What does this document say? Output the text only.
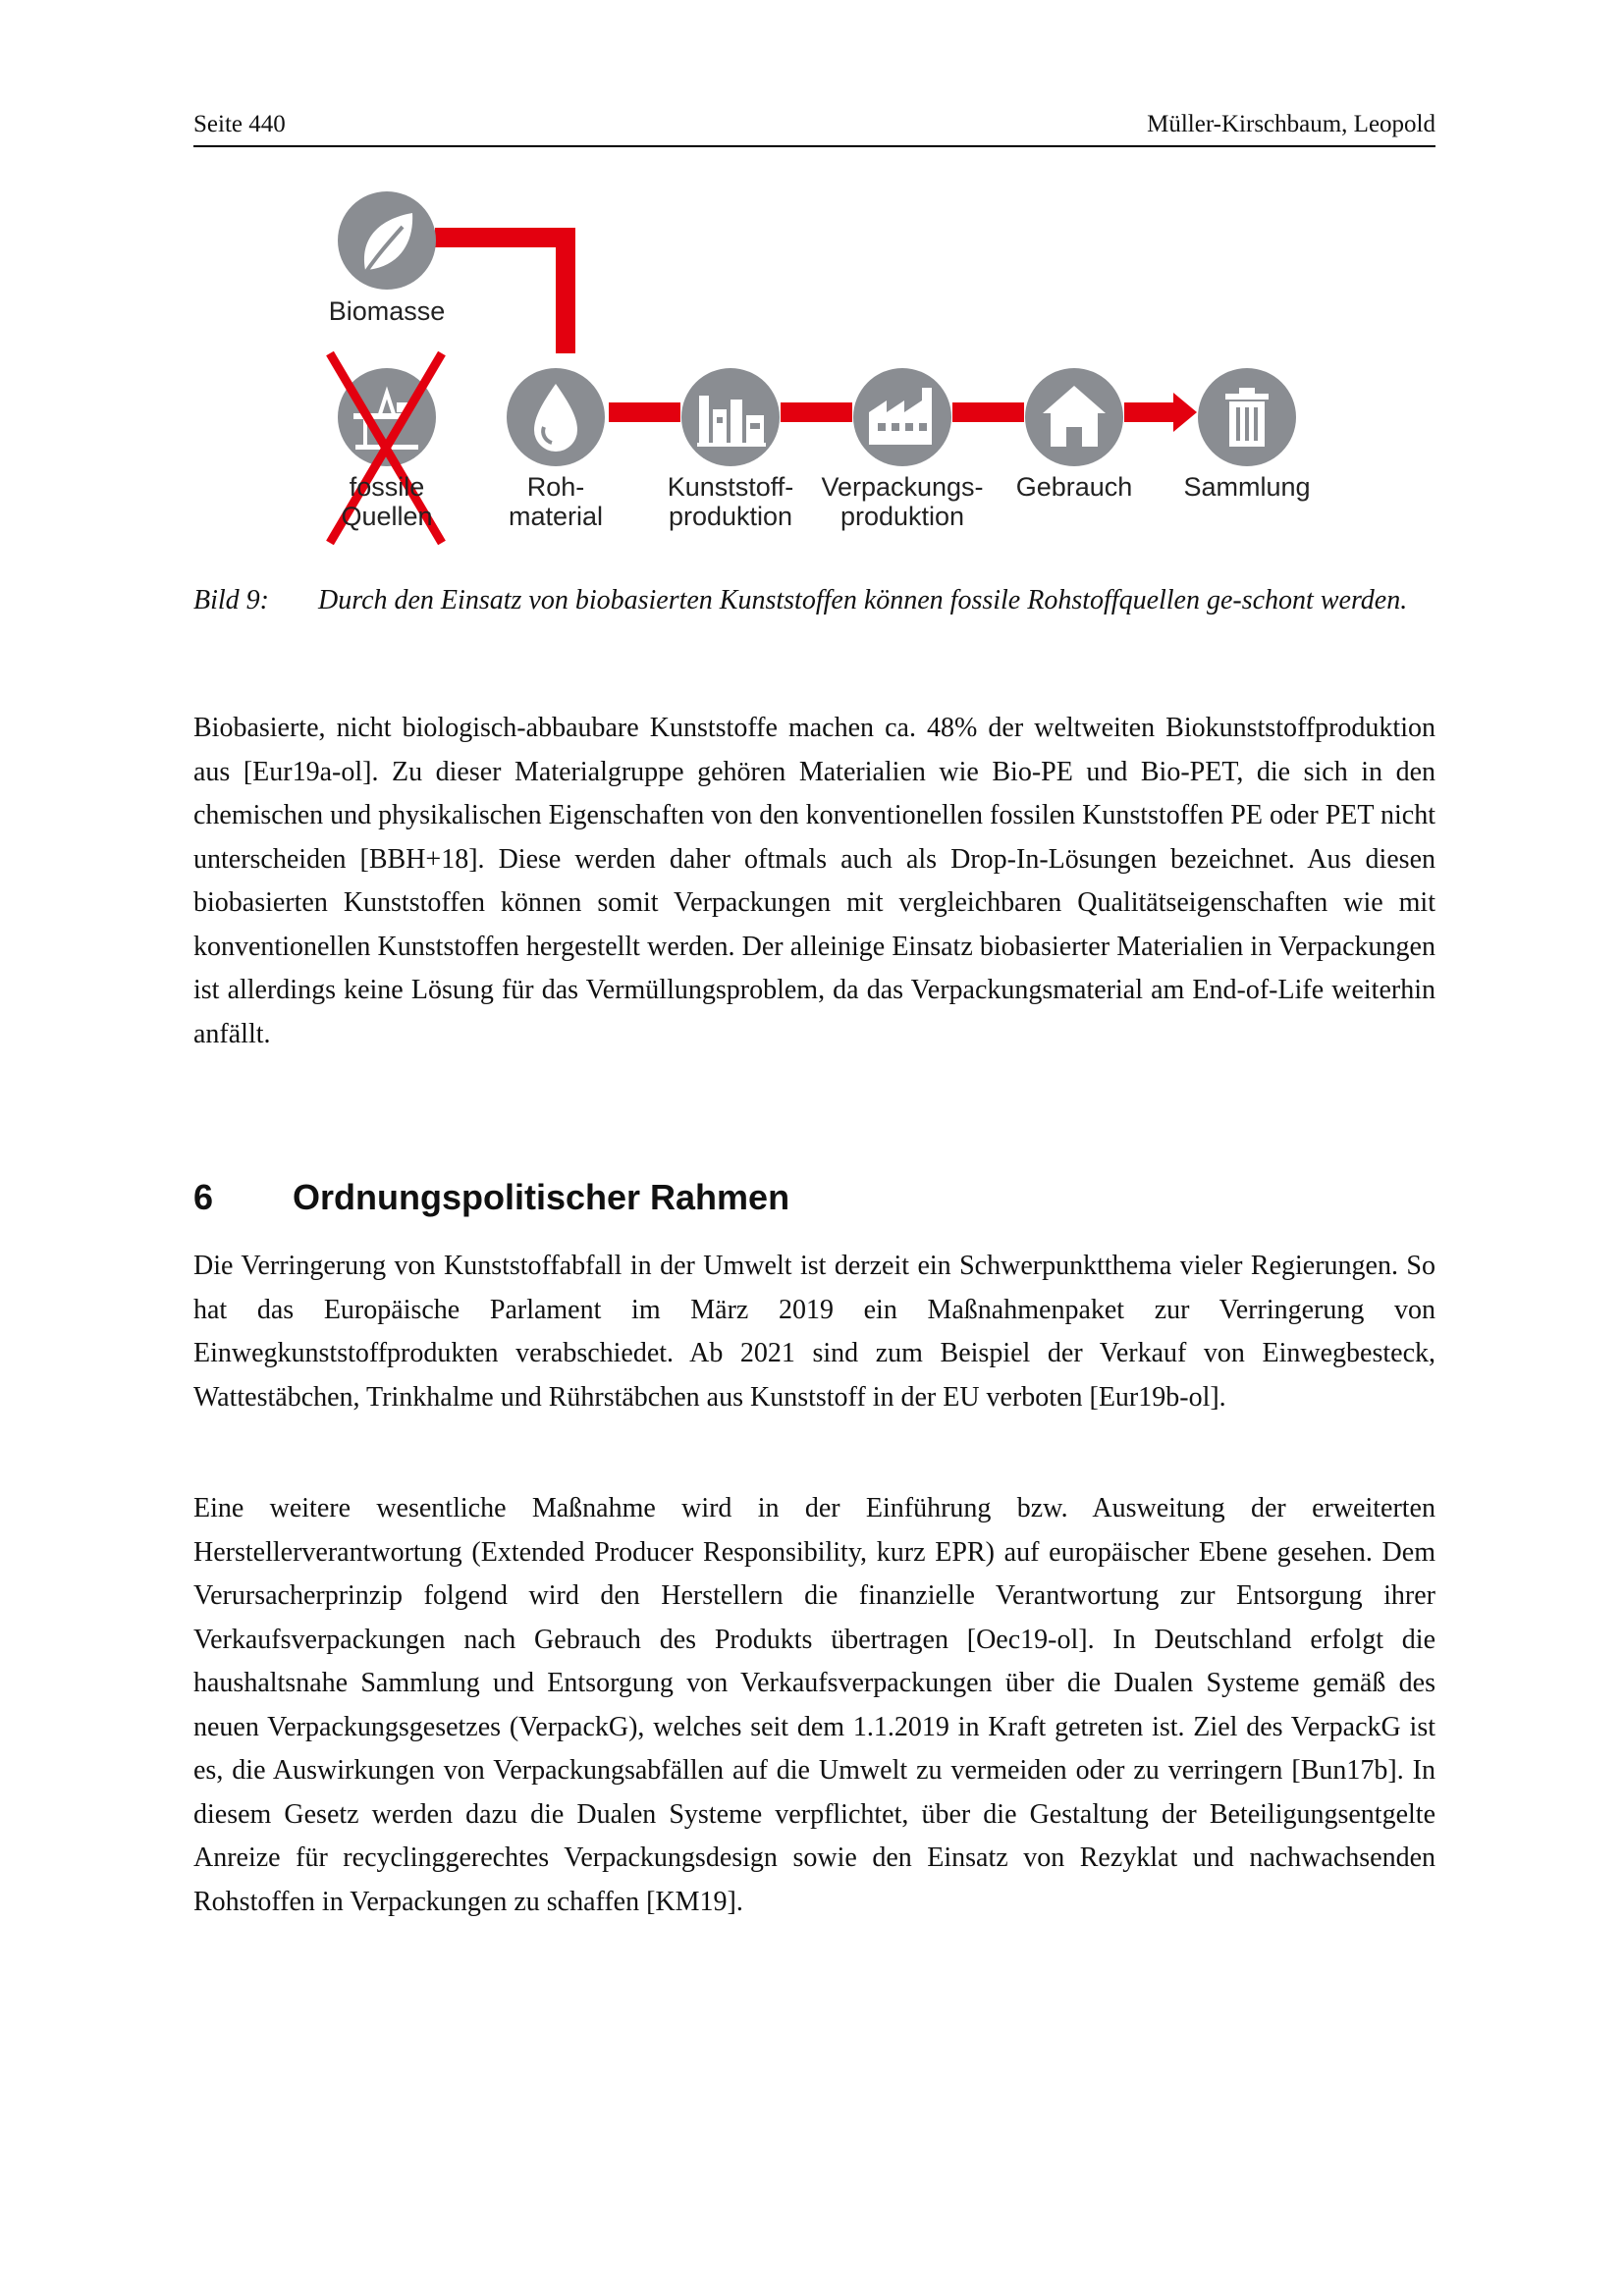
Seite 440	Müller-Kirschbaum, Leopold
Biomasse
fossile
Quellen
Roh-
material
Kunststoff-
produktion
Verpackungs-
produktion
Gebrauch	Sammlung
Bild 9: Durch den Einsatz von biobasierten Kunststoffen können fossile Rohstoffquellen ge-schont werden.

Biobasierte, nicht biologisch-abbaubare Kunststoffe machen ca. 48% der weltweiten Biokunststoffproduktion aus [Eur19a-ol]. Zu dieser Materialgruppe gehören Materialien wie Bio-PE und Bio-PET, die sich in den chemischen und physikalischen Eigenschaften von den konventionellen fossilen Kunststoffen PE oder PET nicht unterscheiden [BBH+18]. Diese werden daher oftmals auch als Drop-In-Lösungen bezeichnet. Aus diesen biobasierten Kunststoffen können somit Verpackungen mit vergleichbaren Qualitätseigenschaften wie mit konventionellen Kunststoffen hergestellt werden. Der alleinige Einsatz biobasierter Materialien in Verpackungen ist allerdings keine Lösung für das Vermüllungsproblem, da das Verpackungsmaterial am End-of-Life weiterhin anfällt.

6 Ordnungspolitischer Rahmen

Die Verringerung von Kunststoffabfall in der Umwelt ist derzeit ein Schwerpunktthema vieler Regierungen. So hat das Europäische Parlament im März 2019 ein Maßnahmenpaket zur Verringerung von Einwegkunststoffprodukten verabschiedet. Ab 2021 sind zum Beispiel der Verkauf von Einwegbesteck, Wattestäbchen, Trinkhalme und Rührstäbchen aus Kunststoff in der EU verboten [Eur19b-ol].

Eine weitere wesentliche Maßnahme wird in der Einführung bzw. Ausweitung der erweiterten Herstellerverantwortung (Extended Producer Responsibility, kurz EPR) auf europäischer Ebene gesehen. Dem Verursacherprinzip folgend wird den Herstellern die finanzielle Verantwortung zur Entsorgung ihrer Verkaufsverpackungen nach Gebrauch des Produkts übertragen [Oec19-ol]. In Deutschland erfolgt die haushaltsnahe Sammlung und Entsorgung von Verkaufsverpackungen über die Dualen Systeme gemäß des neuen Verpackungsgesetzes (VerpackG), welches seit dem 1.1.2019 in Kraft getreten ist. Ziel des VerpackG ist es, die Auswirkungen von Verpackungsabfällen auf die Umwelt zu vermeiden oder zu verringern [Bun17b]. In diesem Gesetz werden dazu die Dualen Systeme verpflichtet, über die Gestaltung der Beteiligungsentgelte Anreize für recyclinggerechtes Verpackungsdesign sowie den Einsatz von Rezyklat und nachwachsenden Rohstoffen in Verpackungen zu schaffen [KM19].
